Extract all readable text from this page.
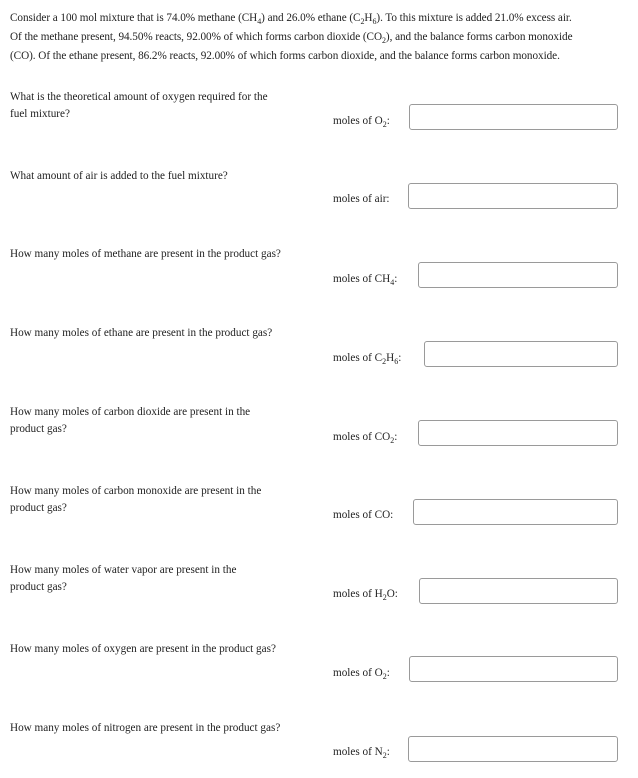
Consider a 100 mol mixture that is 74.0% methane $(CH_4)$ and 26.0% ethane $(C_2H_6)$. To this mixture is added 21.0% excess air.
Of the methane present, 94.50% reacts, 92.00% of which forms carbon dioxide $(CO_2)$, and the balance forms carbon monoxide
(CO). Of the ethane present, 86.2% reacts, 92.00% of which forms carbon dioxide, and the balance forms carbon monoxide.
What is the theoretical amount of oxygen required for the
fuel mixture?
moles of $O_2$:
What amount of air is added to the fuel mixture?
moles of air:
How many moles of methane are present in the product gas?
moles of $CH_4$:
How many moles of ethane are present in the product gas?
moles of $C_2H_6$:
How many moles of carbon dioxide are present in the
product gas?
moles of $CO_2$:
How many moles of carbon monoxide are present in the
product gas?
moles of CO:
How many moles of water vapor are present in the
product gas?
moles of $H_2O$:
How many moles of oxygen are present in the product gas?
moles of $O_2$:
How many moles of nitrogen are present in the product gas?
moles of $N_2$:
